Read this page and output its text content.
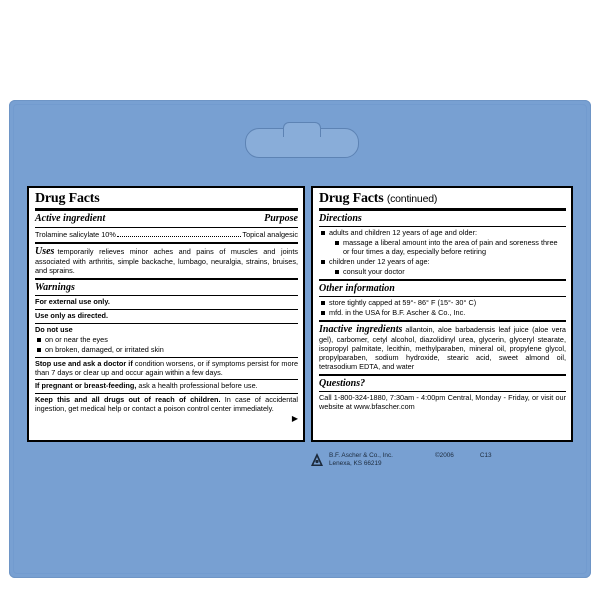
Drug Facts
Active ingredient	Purpose
Trolamine salicylate 10%	Topical analgesic
Uses temporarily relieves minor aches and pains of muscles and joints associated with arthritis, simple backache, lumbago, neuralgia, strains, bruises, and sprains.
Warnings
For external use only.
Use only as directed.
Do not use
on or near the eyes
on broken, damaged, or irritated skin
Stop use and ask a doctor if condition worsens, or if symptoms persist for more than 7 days or clear up and occur again within a few days.
If pregnant or breast-feeding, ask a health professional before use.
Keep this and all drugs out of reach of children. In case of accidental ingestion, get medical help or contact a poison control center immediately.
▶
Drug Facts (continued)
Directions
adults and children 12 years of age and older:
massage a liberal amount into the area of pain and soreness three or four times a day, especially before retiring
children under 12 years of age:
consult your doctor
Other information
store tightly capped at 59°- 86° F (15°- 30° C)
mfd. in the USA for B.F. Ascher & Co., Inc.
Inactive ingredients allantoin, aloe barbadensis leaf juice (aloe vera gel), carbomer, cetyl alcohol, diazolidinyl urea, glycerin, glyceryl stearate, isopropyl palmitate, lecithin, methylparaben, mineral oil, propylene glycol, propylparaben, sodium hydroxide, stearic acid, sweet almond oil, tetrasodium EDTA, and water
Questions?
Call 1-800-324-1880, 7:30am - 4:00pm Central, Monday - Friday, or visit our website at www.bfascher.com
B.F. Ascher & Co., Inc.
Lenexa, KS 66219
©2006	C13
